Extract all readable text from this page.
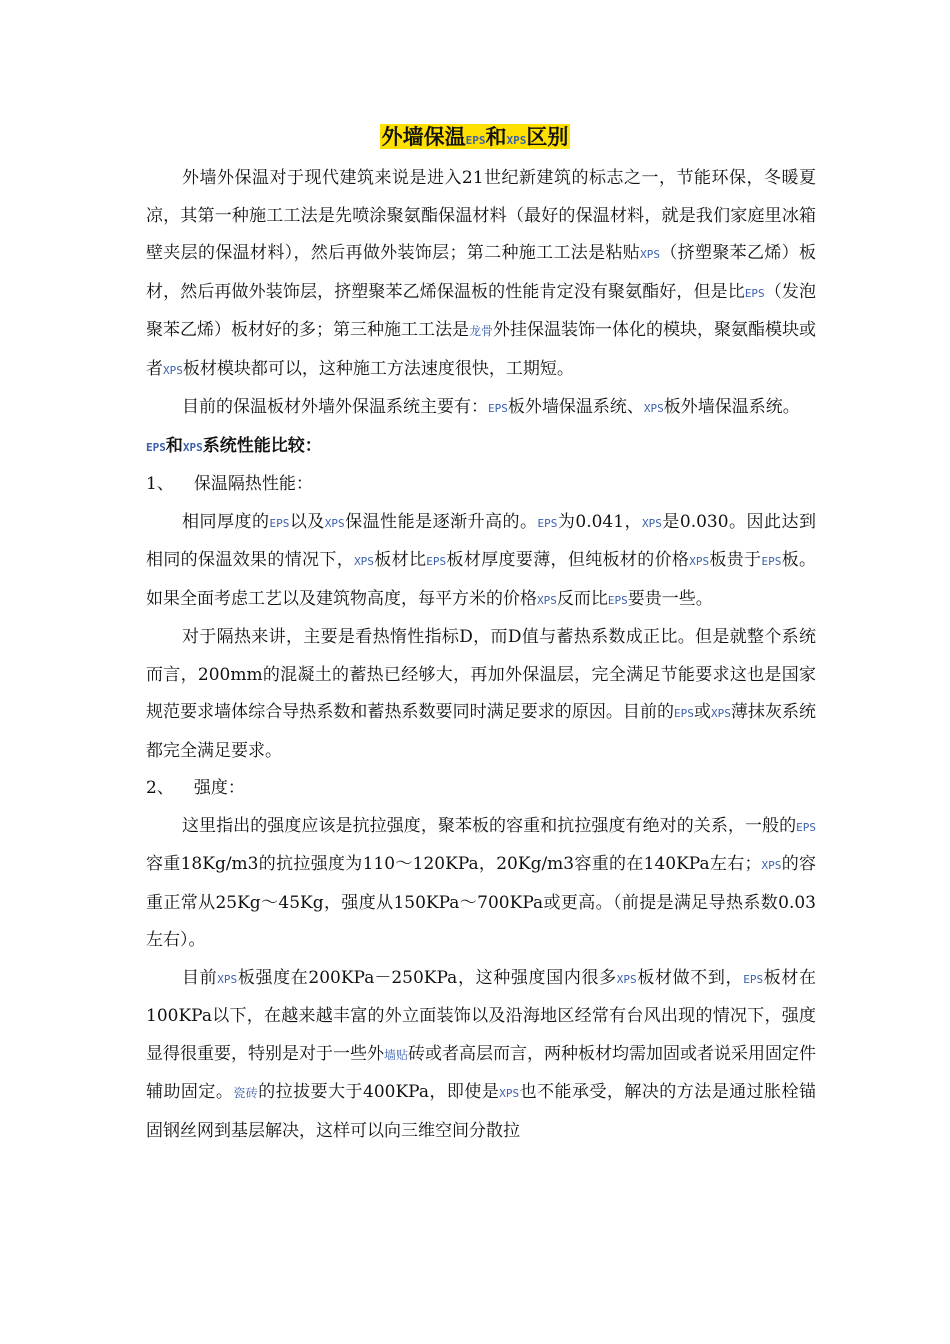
外墙保温EPS和XPS区别

外墙外保温对于现代建筑来说是进入21世纪新建筑的标志之一，节能环保，冬暖夏凉，其第一种施工工法是先喷涂聚氨酯保温材料（最好的保温材料，就是我们家庭里冰箱壁夹层的保温材料），然后再做外装饰层；第二种施工工法是粘贴XPS（挤塑聚苯乙烯）板材，然后再做外装饰层，挤塑聚苯乙烯保温板的性能肯定没有聚氨酯好，但是比EPS（发泡聚苯乙烯）板材好的多；第三种施工工法是龙骨外挂保温装饰一体化的模块，聚氨酯模块或者XPS板材模块都可以，这种施工方法速度很快，工期短。

目前的保温板材外墙外保温系统主要有：EPS板外墙保温系统、XPS板外墙保温系统。

EPS和XPS系统性能比较：

1、 保温隔热性能：

相同厚度的EPS以及XPS保温性能是逐渐升高的。EPS为0.041，XPS是0.030。因此达到相同的保温效果的情况下，XPS板材比EPS板材厚度要薄，但纯板材的价格XPS板贵于EPS板。如果全面考虑工艺以及建筑物高度，每平方米的价格XPS反而比EPS要贵一些。

对于隔热来讲，主要是看热惰性指标D，而D值与蓄热系数成正比。但是就整个系统而言，200mm的混凝土的蓄热已经够大，再加外保温层，完全满足节能要求这也是国家规范要求墙体综合导热系数和蓄热系数要同时满足要求的原因。目前的EPS或XPS薄抹灰系统都完全满足要求。

2、 强度：

这里指出的强度应该是抗拉强度，聚苯板的容重和抗拉强度有绝对的关系，一般的EPS容重18Kg/m3的抗拉强度为110～120KPa，20Kg/m3容重的在140KPa左右；XPS的容重正常从25Kg～45Kg，强度从150KPa～700KPa或更高。（前提是满足导热系数0.03左右）。

目前XPS板强度在200KPa－250KPa，这种强度国内很多XPS板材做不到，EPS板材在100KPa以下，在越来越丰富的外立面装饰以及沿海地区经常有台风出现的情况下，强度显得很重要，特别是对于一些外墙贴砖或者高层而言，两种板材均需加固或者说采用固定件辅助固定。瓷砖的拉拔要大于400KPa，即使是XPS也不能承受，解决的方法是通过胀栓锚固钢丝网到基层解决，这样可以向三维空间分散拉
